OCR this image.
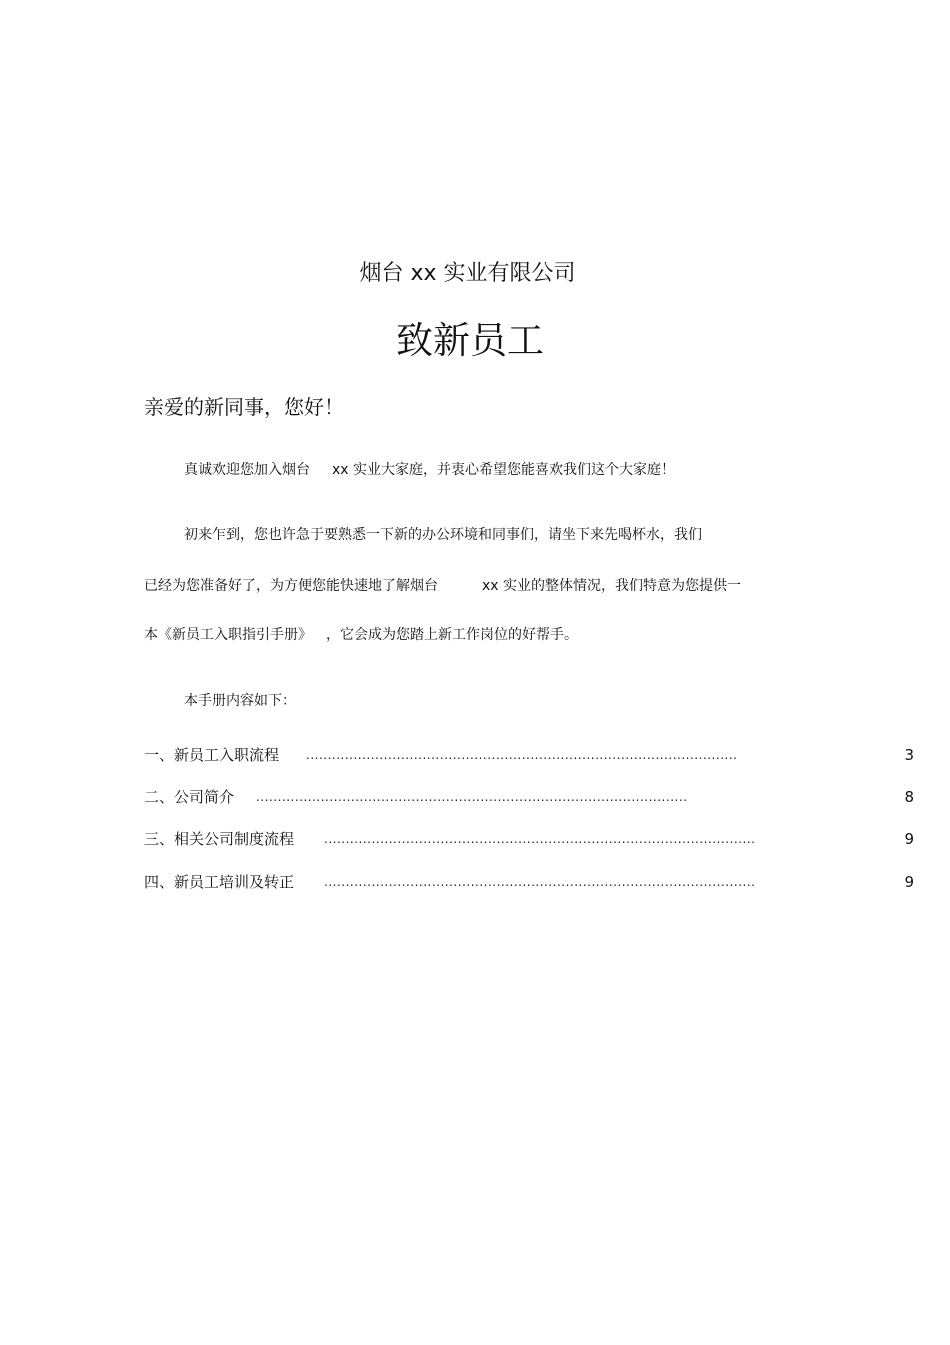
烟台 xx 实业有限公司
致新员工
亲爱的新同事，您好！
真诚欢迎您加入烟台 xx 实业大家庭，并衷心希望您能喜欢我们这个大家庭！
初来乍到，您也许急于要熟悉一下新的办公环境和同事们，请坐下来先喝杯水，我们
已经为您准备好了，为方便您能快速地了解烟台	xx 实业的整体情况，我们特意为您提供一
本《新员工入职指引手册》 ，它会成为您踏上新工作岗位的好帮手。
本手册内容如下：
一、新员工入职流程 ....................................................................................................	3
二、公司简介 ....................................................................................................	8
三、相关公司制度流程 ....................................................................................................	9
四、新员工培训及转正 ....................................................................................................	9
